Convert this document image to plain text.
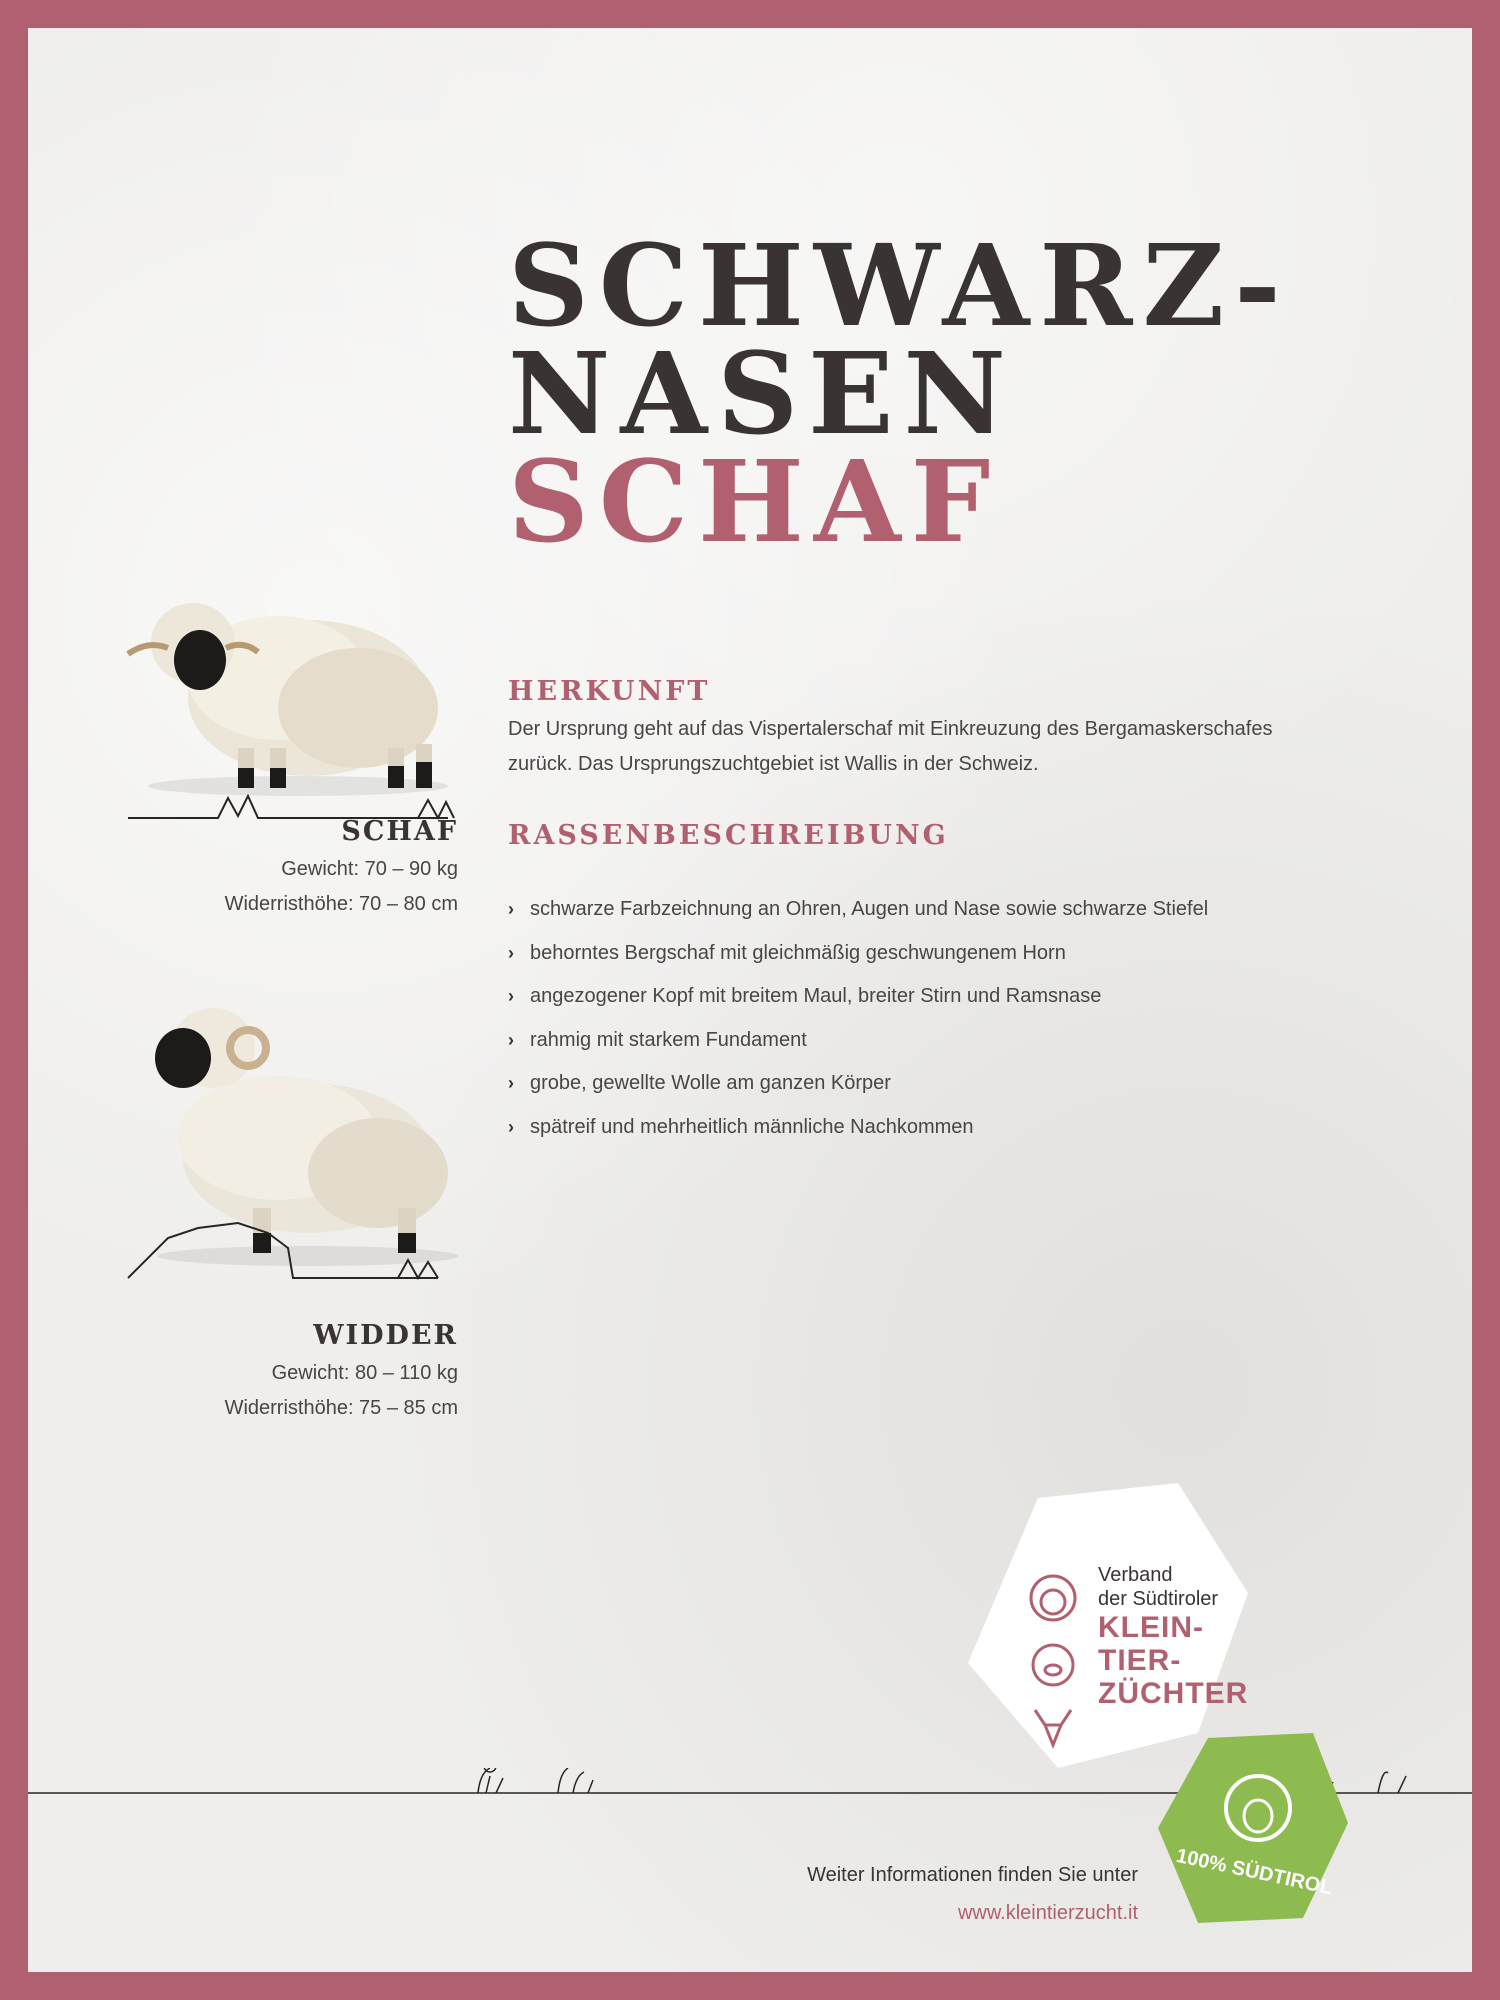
SCHWARZ-
NASEN
SCHAF
HERKUNFT
Der Ursprung geht auf das Vispertalerschaf mit Einkreuzung des Bergamaskerschafes
zurück. Das Ursprungszuchtgebiet ist Wallis in der Schweiz.
RASSENBESCHREIBUNG
› schwarze Farbzeichnung an Ohren, Augen und Nase sowie schwarze Stiefel
› behorntes Bergschaf mit gleichmäßig geschwungenem Horn
› angezogener Kopf mit breitem Maul, breiter Stirn und Ramsnase
› rahmig mit starkem Fundament
› grobe, gewellte Wolle am ganzen Körper
› spätreif und mehrheitlich männliche Nachkommen
SCHAF
Gewicht: 70 – 90 kg
Widerristhöhe: 70 – 80 cm
WIDDER
Gewicht: 80 – 110 kg
Widerristhöhe: 75 – 85 cm
Verband
der Südtiroler
KLEIN-
TIER-
ZÜCHTER
100% SÜDTIROL
Weiter Informationen finden Sie unter
www.kleintierzucht.it
